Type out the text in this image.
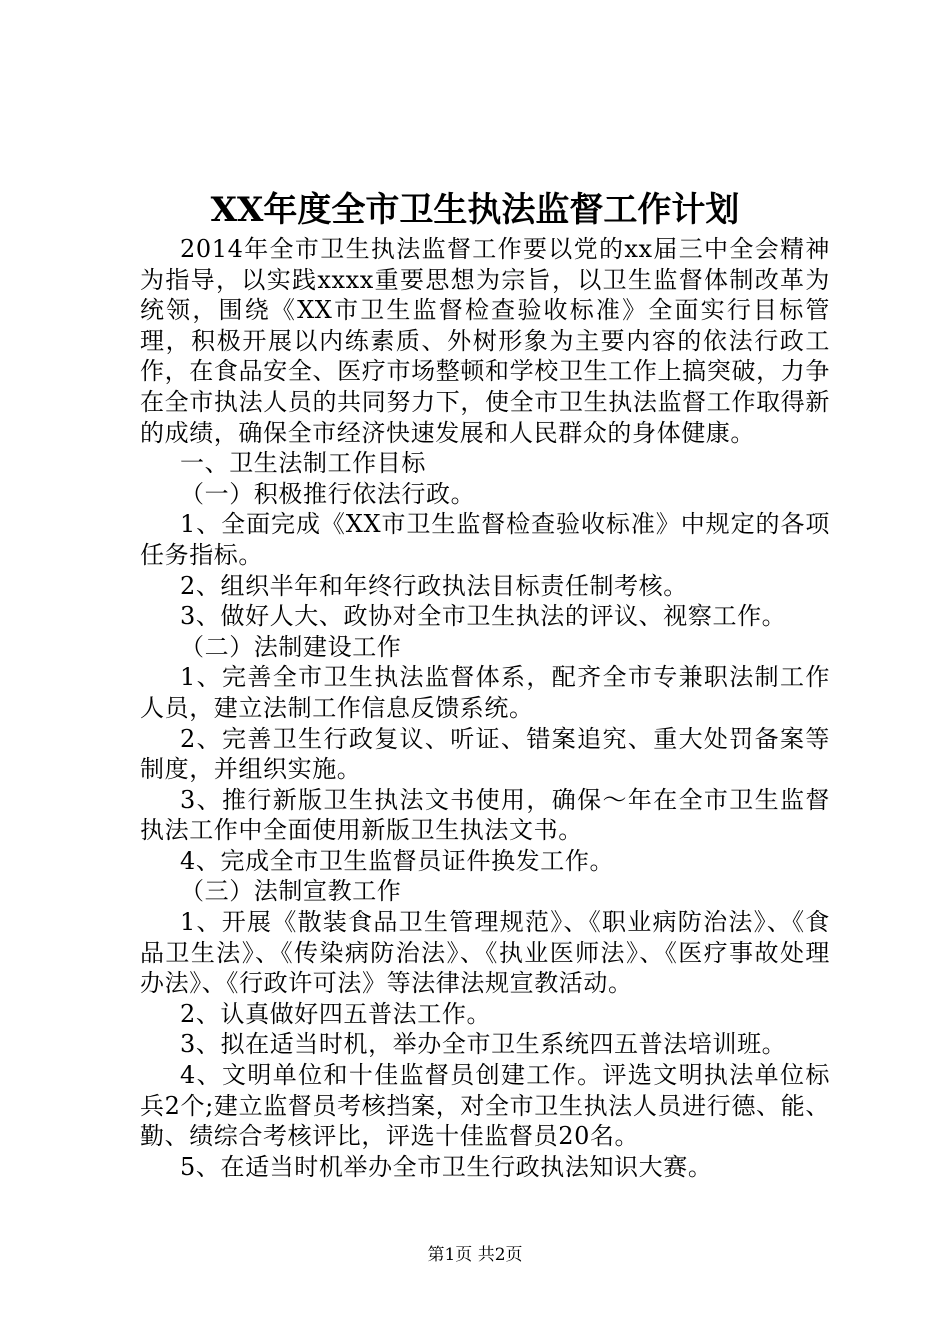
XX年度全市卫生执法监督工作计划

2014年全市卫生执法监督工作要以党的xx届三中全会精神为指导，以实践xxxx重要思想为宗旨，以卫生监督体制改革为统领，围绕《XX市卫生监督检查验收标准》全面实行目标管理，积极开展以内练素质、外树形象为主要内容的依法行政工作，在食品安全、医疗市场整顿和学校卫生工作上搞突破，力争在全市执法人员的共同努力下，使全市卫生执法监督工作取得新的成绩，确保全市经济快速发展和人民群众的身体健康。

一、卫生法制工作目标

（一）积极推行依法行政。

1、全面完成《XX市卫生监督检查验收标准》中规定的各项任务指标。

2、组织半年和年终行政执法目标责任制考核。

3、做好人大、政协对全市卫生执法的评议、视察工作。

（二）法制建设工作

1、完善全市卫生执法监督体系，配齐全市专兼职法制工作人员，建立法制工作信息反馈系统。

2、完善卫生行政复议、听证、错案追究、重大处罚备案等制度，并组织实施。

3、推行新版卫生执法文书使用，确保～年在全市卫生监督执法工作中全面使用新版卫生执法文书。

4、完成全市卫生监督员证件换发工作。

（三）法制宣教工作

1、开展《散装食品卫生管理规范》、《职业病防治法》、《食品卫生法》、《传染病防治法》、《执业医师法》、《医疗事故处理办法》、《行政许可法》等法律法规宣教活动。

2、认真做好四五普法工作。

3、拟在适当时机，举办全市卫生系统四五普法培训班。

4、文明单位和十佳监督员创建工作。评选文明执法单位标兵2个;建立监督员考核挡案，对全市卫生执法人员进行德、能、勤、绩综合考核评比，评选十佳监督员20名。

5、在适当时机举办全市卫生行政执法知识大赛。

第1页 共2页
